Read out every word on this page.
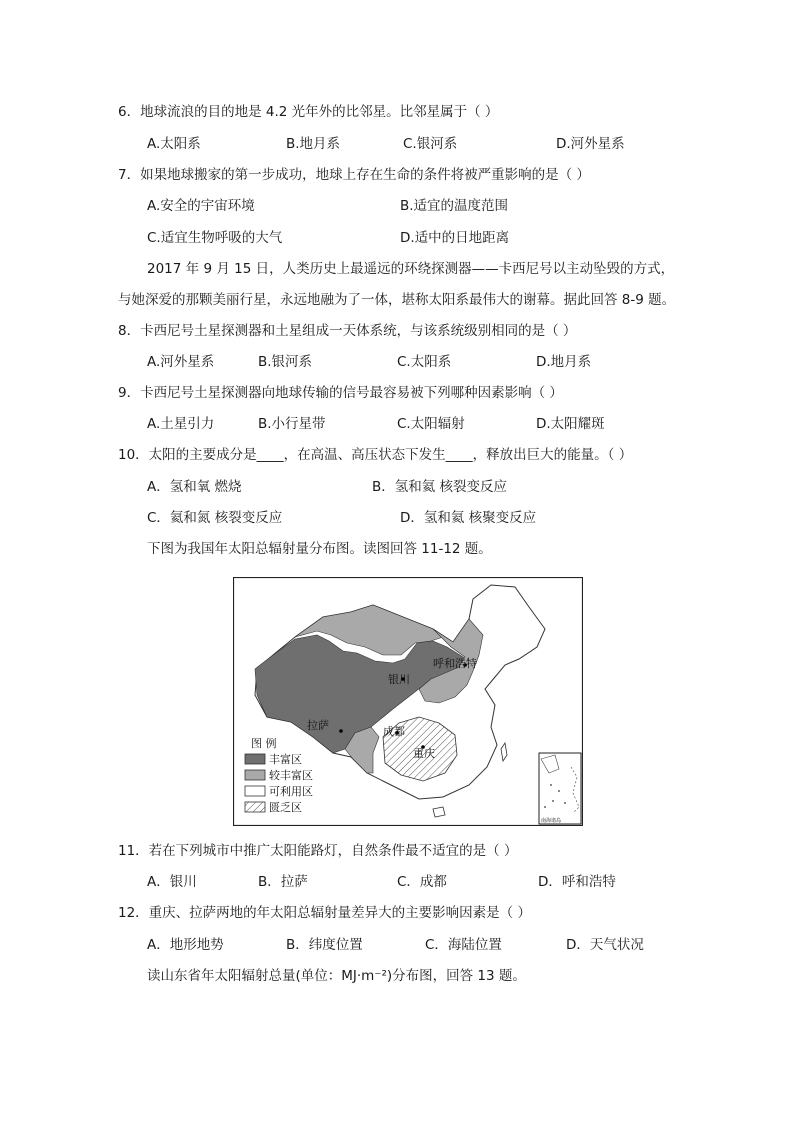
6．地球流浪的目的地是 4.2 光年外的比邻星。比邻星属于（ ）
A.太阳系	B.地月系	C.银河系	D.河外星系
7．如果地球搬家的第一步成功，地球上存在生命的条件将被严重影响的是（ ）
A.安全的宇宙环境	B.适宜的温度范围
C.适宜生物呼吸的大气	D.适中的日地距离
2017 年 9 月 15 日，人类历史上最遥远的环绕探测器——卡西尼号以主动坠毁的方式，
与她深爱的那颗美丽行星，永远地融为了一体，堪称太阳系最伟大的谢幕。据此回答 8-9 题。
8．卡西尼号土星探测器和土星组成一天体系统，与该系统级别相同的是（ ）
A.河外星系	B.银河系	C.太阳系	D.地月系
9．卡西尼号土星探测器向地球传输的信号最容易被下列哪种因素影响（ ）
A.土星引力	B.小行星带	C.太阳辐射	D.太阳耀斑
10．太阳的主要成分是____，在高温、高压状态下发生____，释放出巨大的能量。（ ）
A．氢和氧 燃烧	B．氢和氦 核裂变反应
C．氦和氮 核裂变反应	D．氢和氦 核聚变反应
下图为我国年太阳总辐射量分布图。读图回答 11-12 题。
呼和浩特
银川
拉萨	成都
重庆
图 例
丰富区
较丰富区
可利用区
匮乏区
南海诸岛
11．若在下列城市中推广太阳能路灯，自然条件最不适宜的是（ ）
A．银川	B．拉萨	C．成都	D．呼和浩特
12．重庆、拉萨两地的年太阳总辐射量差异大的主要影响因素是（ ）
A．地形地势	B．纬度位置	C．海陆位置	D．天气状况
读山东省年太阳辐射总量(单位：MJ·m⁻²)分布图，回答 13 题。
